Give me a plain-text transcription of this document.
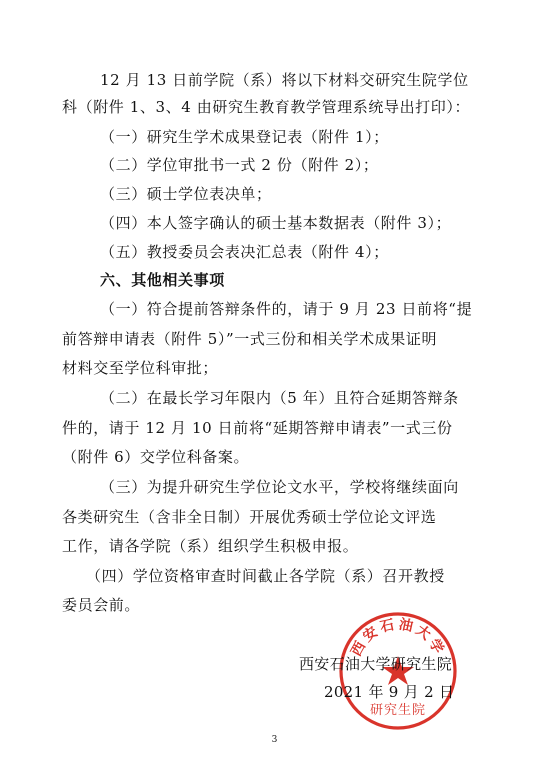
12 月 13 日前学院（系）将以下材料交研究生院学位
科（附件 1、3、4 由研究生教育教学管理系统导出打印）：
（一）研究生学术成果登记表（附件 1）；
（二）学位审批书一式 2 份（附件 2）；
（三）硕士学位表决单；
（四）本人签字确认的硕士基本数据表（附件 3）；
（五）教授委员会表决汇总表（附件 4）；
六、其他相关事项
（一）符合提前答辩条件的，请于 9 月 23 日前将“提
前答辩申请表（附件 5）”一式三份和相关学术成果证明
材料交至学位科审批；
（二）在最长学习年限内（5 年）且符合延期答辩条
件的，请于 12 月 10 日前将“延期答辩申请表”一式三份
（附件 6）交学位科备案。
（三）为提升研究生学位论文水平，学校将继续面向
各类研究生（含非全日制）开展优秀硕士学位论文评选
工作，请各学院（系）组织学生积极申报。
（四）学位资格审查时间截止各学院（系）召开教授
委员会前。
西安石油大学
研究生院
西安石油大学研究生院
2021 年 9 月 2 日
3
